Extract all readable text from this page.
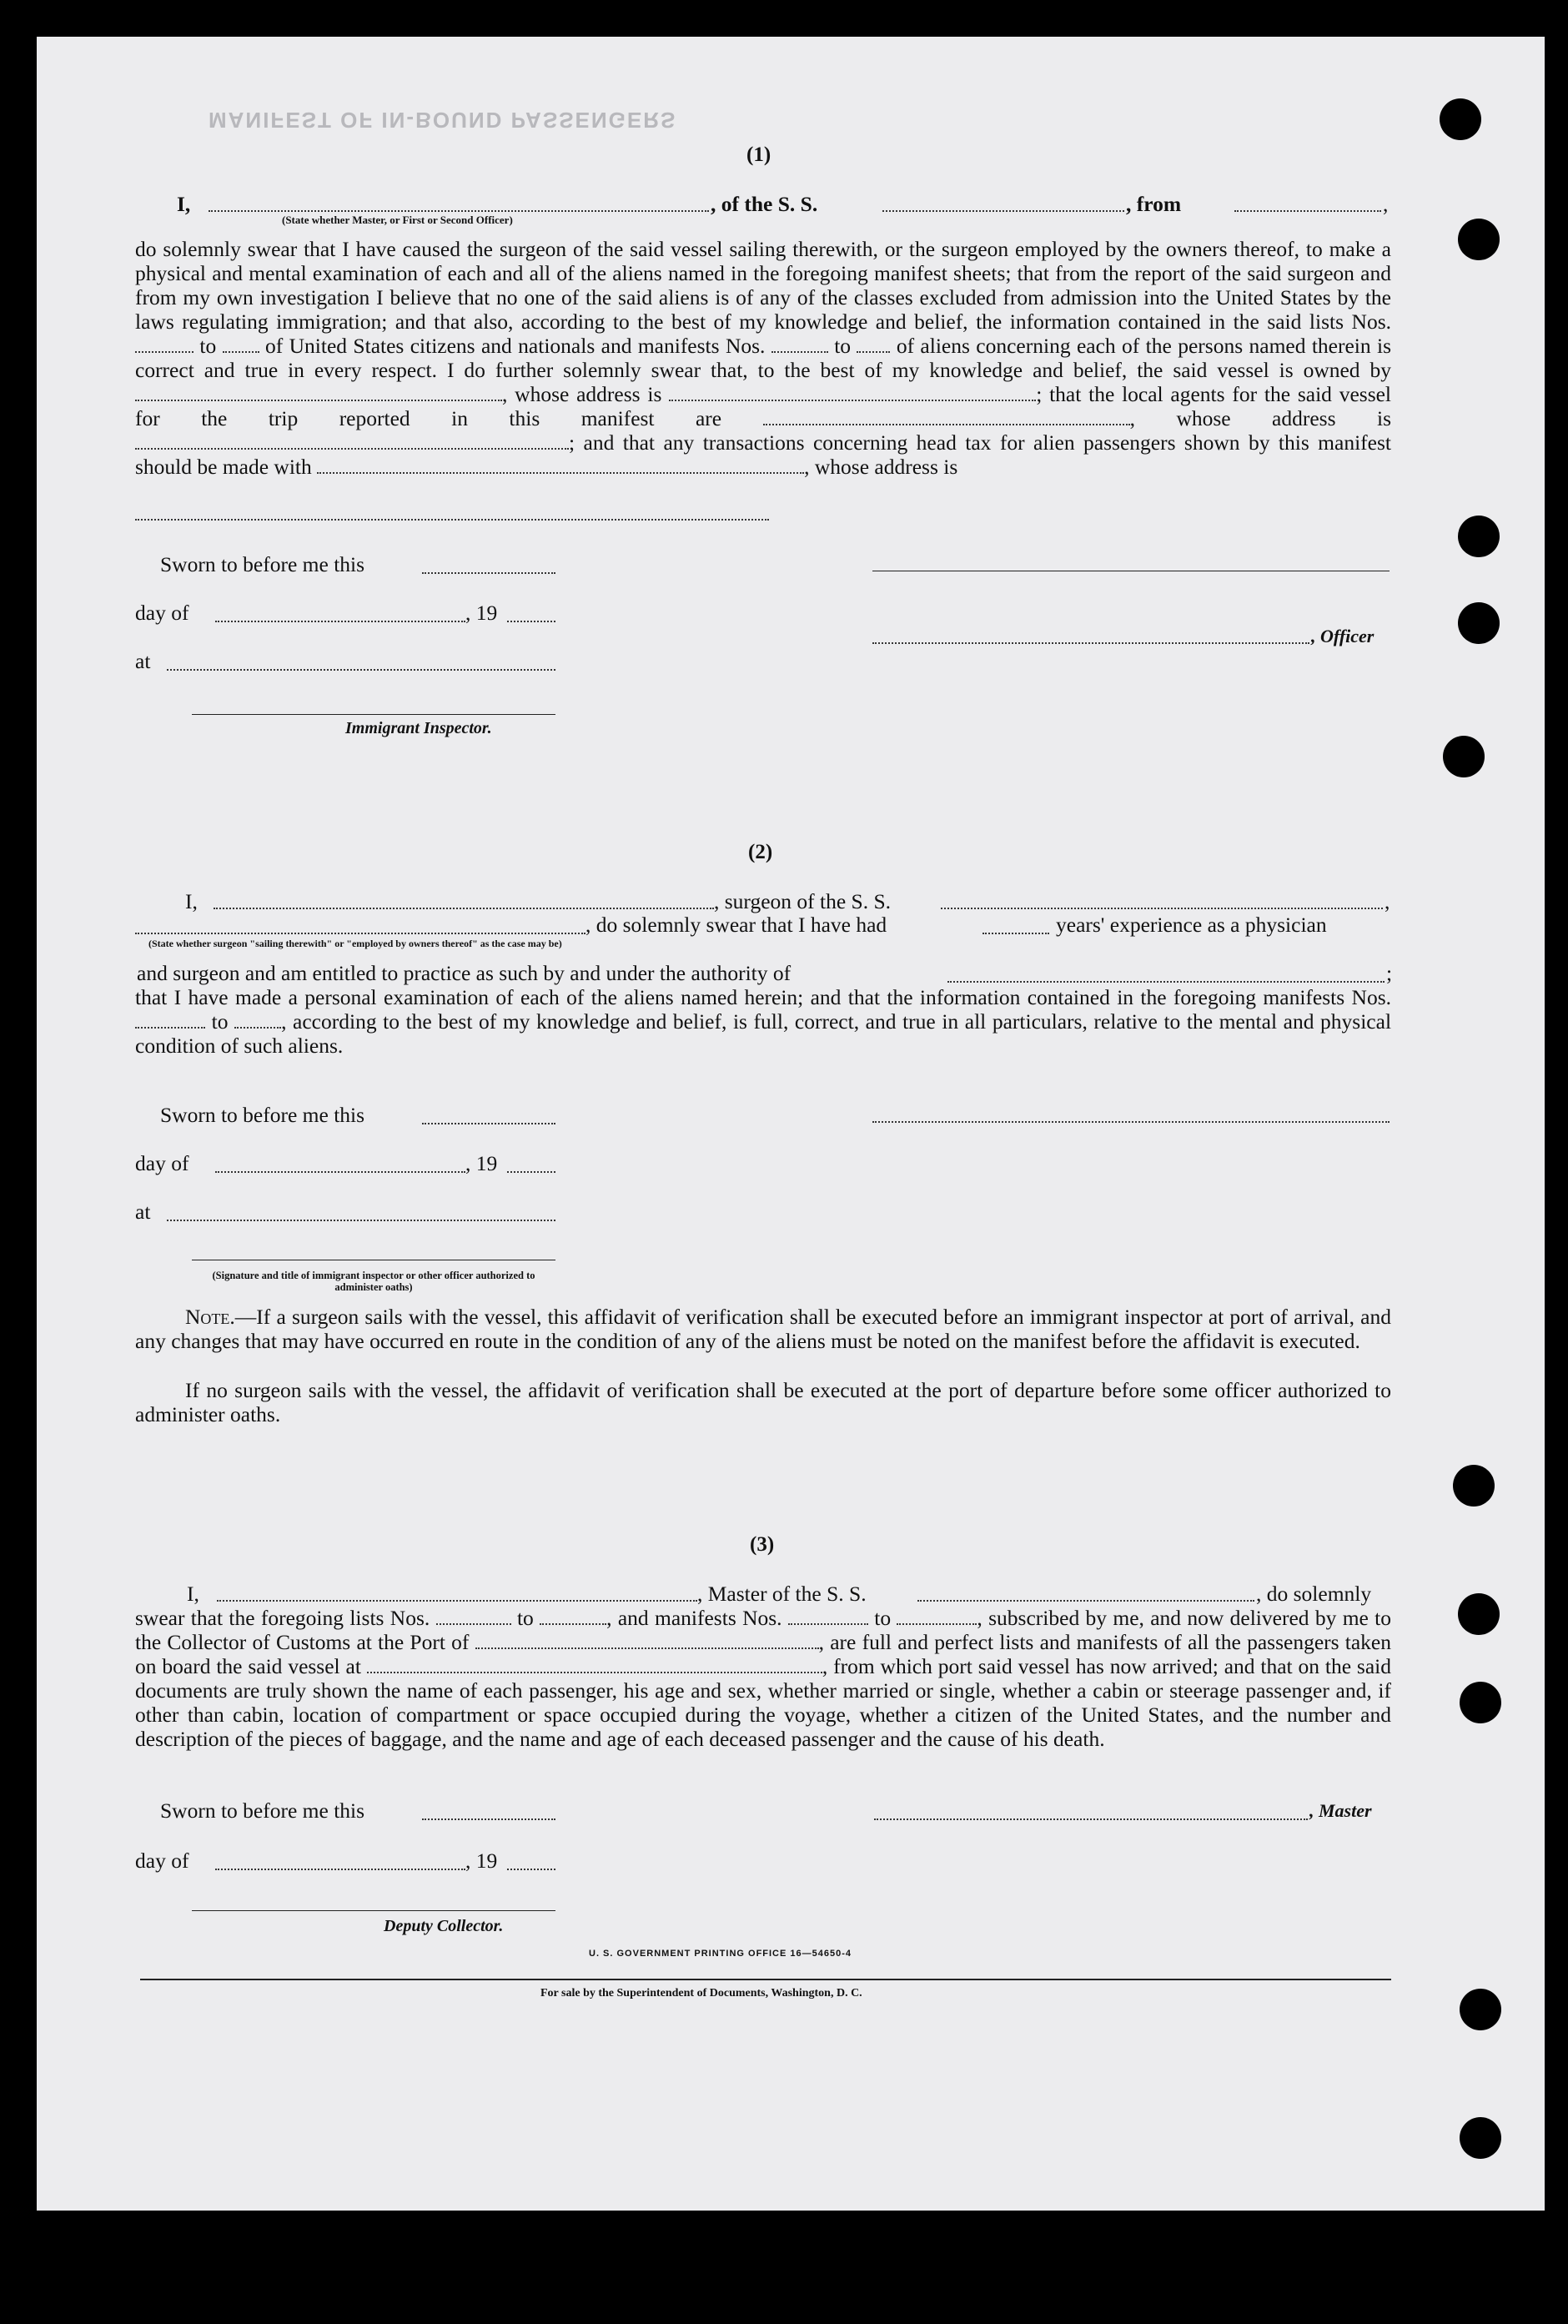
MANIFEST OF IN-BOUND PASSENGERS
(1)
I,	, of the S. S.	, from	,
(State whether Master, or First or Second Officer)

do solemnly swear that I have caused the surgeon of the said vessel sailing therewith, or the surgeon employed by the owners thereof, to make a physical and mental examination of each and all of the aliens named in the foregoing manifest sheets; that from the report of the said surgeon and from my own investigation I believe that no one of the said aliens is of any of the classes excluded from admission into the United States by the laws regulating immigration; and that also, according to the best of my knowledge and belief, the information contained in the said lists Nos.  to of United States citizens and nationals and manifests Nos.	to of aliens concerning each of the persons named therein is correct and true in every respect. I do further solemnly swear that, to the best of my knowledge and belief, the said vessel is owned by , whose address is	; that the local agents for the said vessel for the trip reported in this manifest are	, whose address is ; and that any transactions concerning head tax for alien passengers shown by this manifest should be made with	, whose address is

Sworn to before me this
day of	, 19
at
, Officer
Immigrant Inspector.
(2)
I,	, surgeon of the S. S.	,
, do solemnly swear that I have had	years' experience as a physician
(State whether surgeon "sailing therewith" or "employed by owners thereof" as the case may be)
and surgeon and am entitled to practice as such by and under the authority of	;

that I have made a personal examination of each of the aliens named herein; and that the information contained in the foregoing manifests Nos.  to , according to the best of my knowledge and belief, is full, correct, and true in all particulars, relative to the mental and physical condition of such aliens.

Sworn to before me this
day of	, 19
at
(Signature and title of immigrant inspector or other officer authorized to administer oaths)

Note.—If a surgeon sails with the vessel, this affidavit of verification shall be executed before an immigrant inspector at port of arrival, and any changes that may have occurred en route in the condition of any of the aliens must be noted on the manifest before the affidavit is executed.

If no surgeon sails with the vessel, the affidavit of verification shall be executed at the port of departure before some officer authorized to administer oaths.

(3)
I,	, Master of the S. S.	, do solemnly

swear that the foregoing lists Nos.	to	, and manifests Nos.	to	, subscribed by me, and now delivered by me to the Collector of Customs at the Port of	, are full and perfect lists and manifests of all the passengers taken on board the said vessel at	, from which port said vessel has now arrived; and that on the said documents are truly shown the name of each passenger, his age and sex, whether married or single, whether a cabin or steerage passenger and, if other than cabin, location of compartment or space occupied during the voyage, whether a citizen of the United States, and the number and description of the pieces of baggage, and the name and age of each deceased passenger and the cause of his death.

Sworn to before me this	, Master
day of	, 19
Deputy Collector.
U. S. GOVERNMENT PRINTING OFFICE 16—54650-4
For sale by the Superintendent of Documents, Washington, D. C.
